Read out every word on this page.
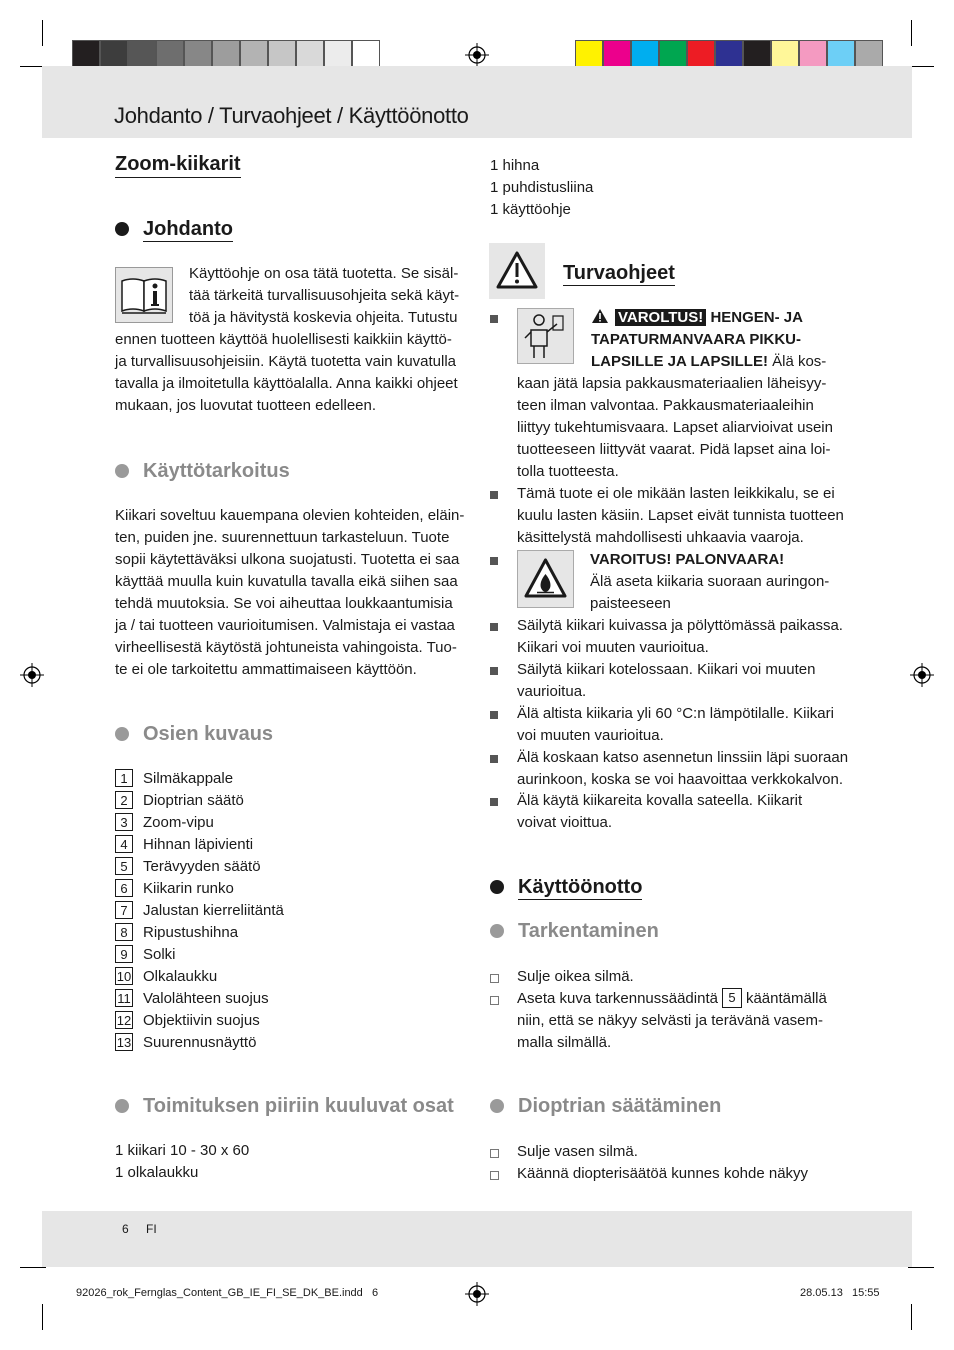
Johdanto / Turvaohjeet / Käyttöönotto
Zoom-kiikarit
Johdanto
Käyttöohje on osa tätä tuotetta. Se sisäl-
tää tärkeitä turvallisuusohjeita sekä käyt-
töä ja hävitystä koskevia ohjeita. Tutustu
ennen tuotteen käyttöä huolellisesti kaikkiin käyttö-
ja turvallisuusohjeisiin. Käytä tuotetta vain kuvatulla
tavalla ja ilmoitetulla käyttöalalla. Anna kaikki ohjeet
mukaan, jos luovutat tuotteen edelleen.
Käyttötarkoitus
Kiikari soveltuu kauempana olevien kohteiden, eläin-
ten, puiden jne. suurennettuun tarkasteluun. Tuote
sopii käytettäväksi ulkona suojatusti. Tuotetta ei saa
käyttää muulla kuin kuvatulla tavalla eikä siihen saa
tehdä muutoksia. Se voi aiheuttaa loukkaantumisia
ja / tai tuotteen vaurioitumisen. Valmistaja ei vastaa
virheellisestä käytöstä johtuneista vahingoista. Tuo-
te ei ole tarkoitettu ammattimaiseen käyttöön.
Osien kuvaus
1	Silmäkappale
2	Dioptrian säätö
3	Zoom-vipu
4	Hihnan läpivienti
5	Terävyyden säätö
6	Kiikarin runko
7	Jalustan kierreliitäntä
8	Ripustushihna
9	Solki
10 Olkalaukku
11 Valolähteen suojus
12 Objektiivin suojus
13 Suurennusnäyttö
Toimituksen piiriin kuuluvat osat
1 kiikari 10 - 30 x 60
1 olkalaukku
1 hihna
1 puhdistusliina
1 käyttöohje
Turvaohjeet
VAROLTUS! HENGEN- JA
TAPATURMANVAARA PIKKU-
LAPSILLE JA LAPSILLE! Älä kos-
kaan jätä lapsia pakkausmateriaalien läheisyy-
teen ilman valvontaa. Pakkausmateriaaleihin
liittyy tukehtumisvaara. Lapset aliarvioivat usein
tuotteeseen liittyvät vaarat. Pidä lapset aina loi-
tolla tuotteesta.
Tämä tuote ei ole mikään lasten leikkikalu, se ei
kuulu lasten käsiin. Lapset eivät tunnista tuotteen
käsittelystä mahdollisesti uhkaavia vaaroja.
VAROITUS! PALONVAARA!
Älä aseta kiikaria suoraan auringon-
paisteeseen
Säilytä kiikari kuivassa ja pölyttömässä paikassa.
Kiikari voi muuten vaurioitua.
Säilytä kiikari kotelossaan. Kiikari voi muuten
vaurioitua.
Älä altista kiikaria yli 60 °C:n lämpötilalle. Kiikari
voi muuten vaurioitua.
Älä koskaan katso asennetun linssiin läpi suoraan
aurinkoon, koska se voi haavoittaa verkkokalvon.
Älä käytä kiikareita kovalla sateella. Kiikarit
voivat vioittua.
Käyttöönotto
Tarkentaminen
Sulje oikea silmä.
Aseta kuva tarkennussäädintä 5 kääntämällä
niin, että se näkyy selvästi ja terävänä vasem-
malla silmällä.
Dioptrian säätäminen
Sulje vasen silmä.
Käännä diopterisäätöä kunnes kohde näkyy
6 FI
92026_rok_Fernglas_Content_GB_IE_FI_SE_DK_BE.indd   6	28.05.13   15:55
